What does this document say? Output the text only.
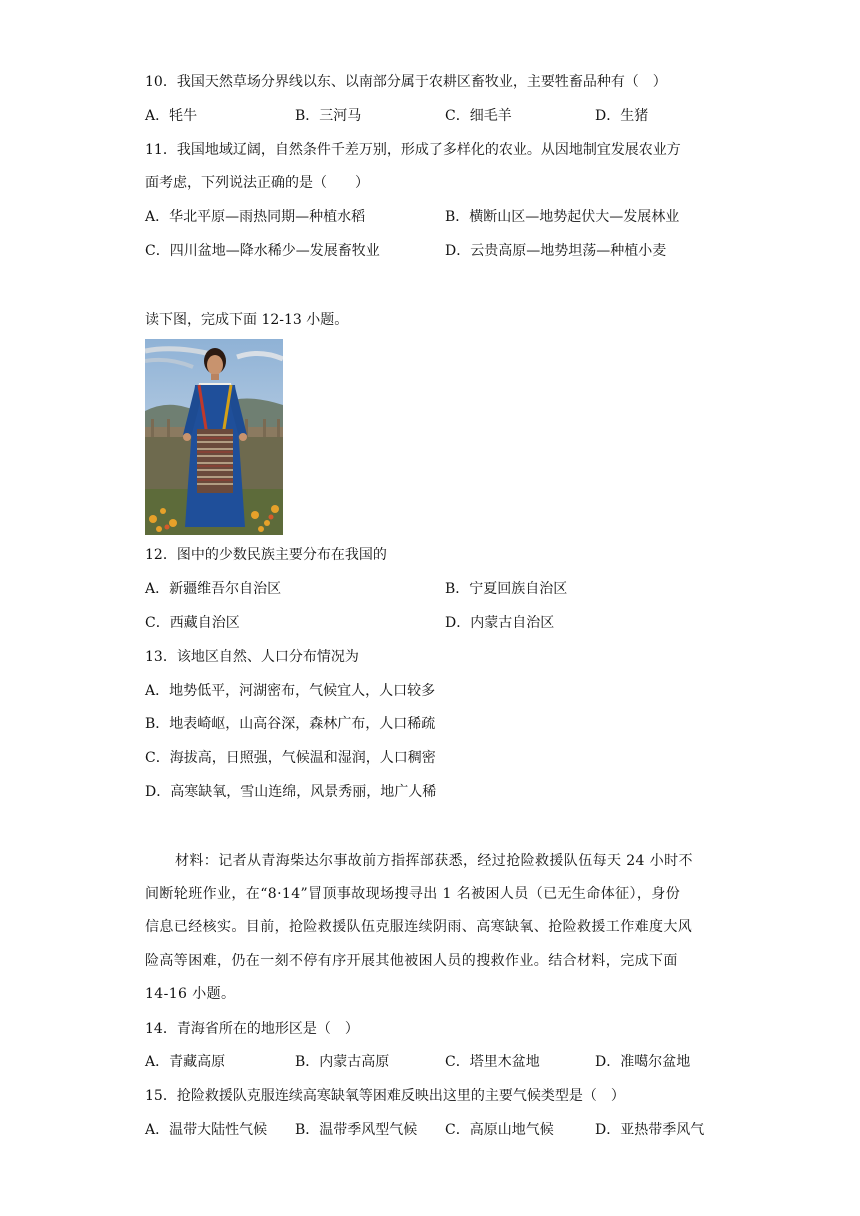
10．我国天然草场分界线以东、以南部分属于农耕区畜牧业，主要牲畜品种有（　）
A．牦牛	B．三河马	C．细毛羊	D．生猪
11．我国地域辽阔，自然条件千差万别，形成了多样化的农业。从因地制宜发展农业方
面考虑，下列说法正确的是（　　）
A．华北平原—雨热同期—种植水稻	B．横断山区—地势起伏大—发展林业
C．四川盆地—降水稀少—发展畜牧业	D．云贵高原—地势坦荡—种植小麦
读下图，完成下面 12-13 小题。
12．图中的少数民族主要分布在我国的
A．新疆维吾尔自治区	B．宁夏回族自治区
C．西藏自治区	D．内蒙古自治区
13．该地区自然、人口分布情况为
A．地势低平，河湖密布，气候宜人，人口较多
B．地表崎岖，山高谷深，森林广布，人口稀疏
C．海拔高，日照强，气候温和湿润，人口稠密
D．高寒缺氧，雪山连绵，风景秀丽，地广人稀
材料：记者从青海柴达尔事故前方指挥部获悉，经过抢险救援队伍每天 24 小时不
间断轮班作业，在“8·14”冒顶事故现场搜寻出 1 名被困人员（已无生命体征），身份
信息已经核实。目前，抢险救援队伍克服连续阴雨、高寒缺氧、抢险救援工作难度大风
险高等困难，仍在一刻不停有序开展其他被困人员的搜救作业。结合材料，完成下面
14-16 小题。
14．青海省所在的地形区是（　）
A．青藏高原	B．内蒙古高原	C．塔里木盆地	D．准噶尔盆地
15．抢险救援队克服连续高寒缺氧等困难反映出这里的主要气候类型是（　）
A．温带大陆性气候 B．温带季风型气候 C．高原山地气候	D．亚热带季风气
